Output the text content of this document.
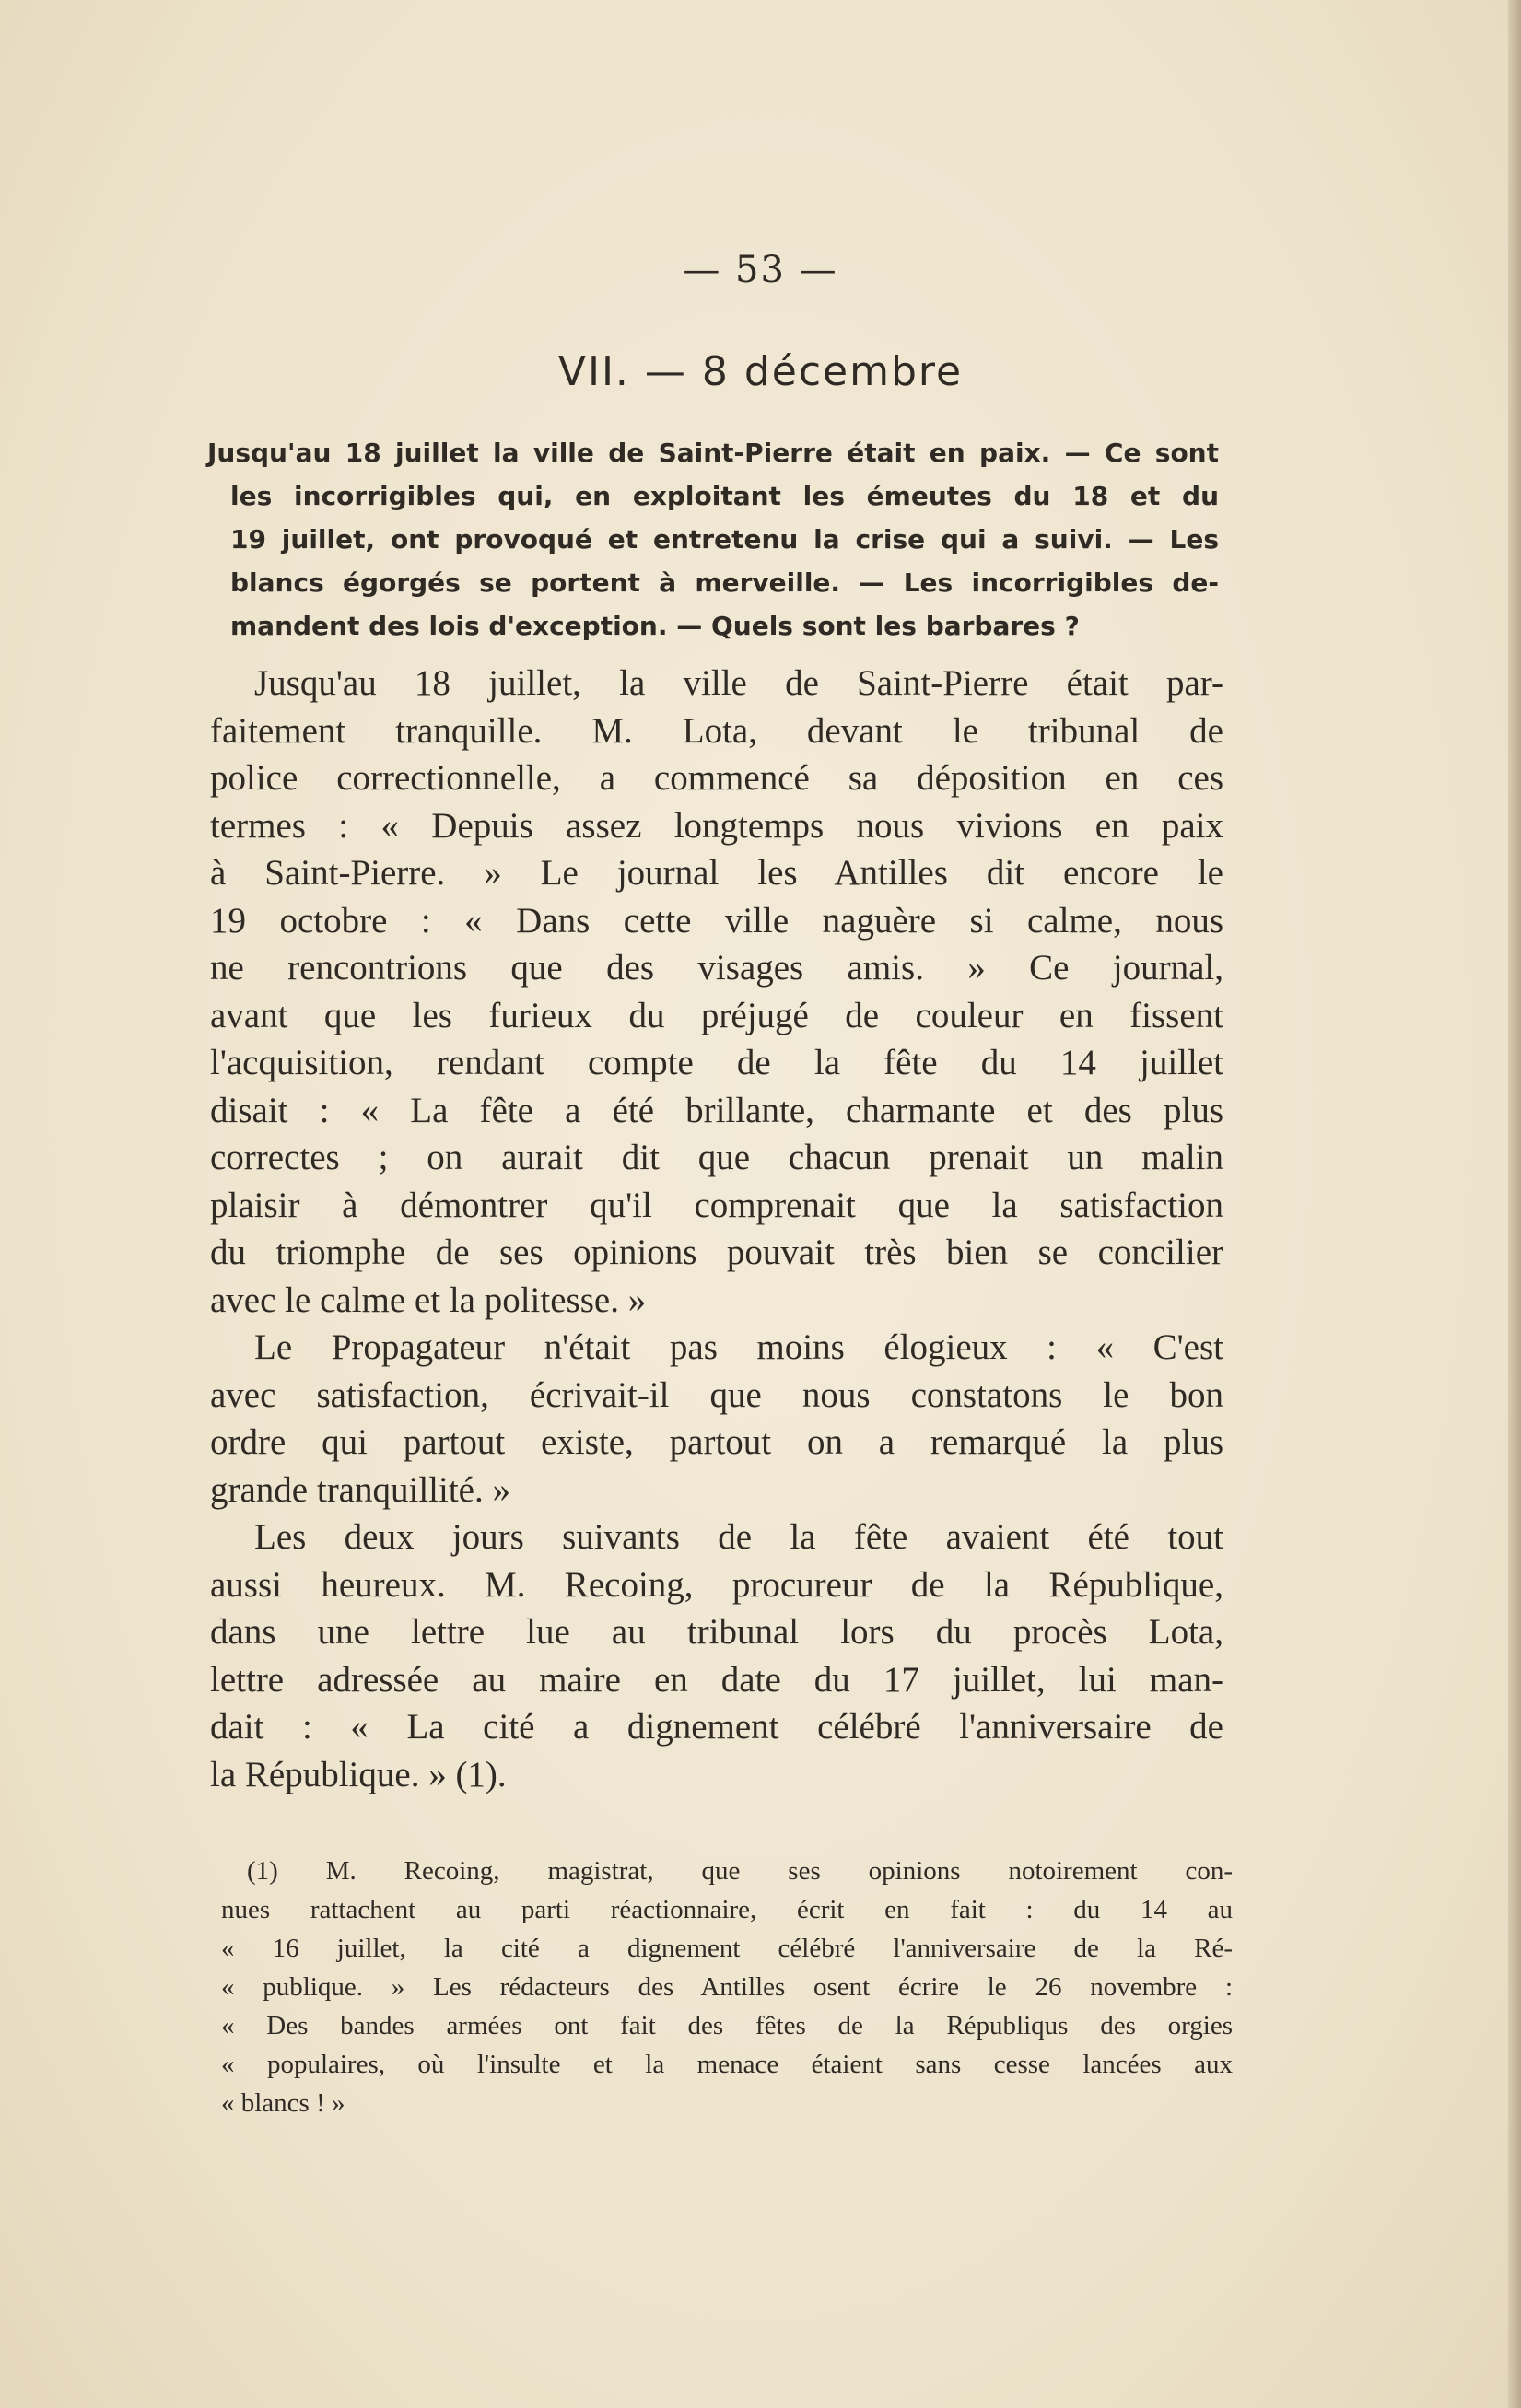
— 53 —
VII. — 8 décembre
Jusqu'au 18 juillet la ville de Saint-Pierre était en paix. — Ce sont
les incorrigibles qui, en exploitant les émeutes du 18 et du
19 juillet, ont provoqué et entretenu la crise qui a suivi. — Les
blancs égorgés se portent à merveille. — Les incorrigibles de-
mandent des lois d'exception. — Quels sont les barbares ?
Jusqu'au 18 juillet, la ville de Saint-Pierre était par-
faitement tranquille. M. Lota, devant le tribunal de
police correctionnelle, a commencé sa déposition en ces
termes : « Depuis assez longtemps nous vivions en paix
à Saint-Pierre. » Le journal les Antilles dit encore le
19 octobre : « Dans cette ville naguère si calme, nous
ne rencontrions que des visages amis. » Ce journal,
avant que les furieux du préjugé de couleur en fissent
l'acquisition, rendant compte de la fête du 14 juillet
disait : « La fête a été brillante, charmante et des plus
correctes ; on aurait dit que chacun prenait un malin
plaisir à démontrer qu'il comprenait que la satisfaction
du triomphe de ses opinions pouvait très bien se concilier
avec le calme et la politesse. »
Le Propagateur n'était pas moins élogieux : « C'est
avec satisfaction, écrivait-il que nous constatons le bon
ordre qui partout existe, partout on a remarqué la plus
grande tranquillité. »
Les deux jours suivants de la fête avaient été tout
aussi heureux. M. Recoing, procureur de la République,
dans une lettre lue au tribunal lors du procès Lota,
lettre adressée au maire en date du 17 juillet, lui man-
dait : « La cité a dignement célébré l'anniversaire de
la République. » (1).
(1) M. Recoing, magistrat, que ses opinions notoirement con-
nues rattachent au parti réactionnaire, écrit en fait : du 14 au
« 16 juillet, la cité a dignement célébré l'anniversaire de la Ré-
« publique. » Les rédacteurs des Antilles osent écrire le 26 novembre :
« Des bandes armées ont fait des fêtes de la Républiqus des orgies
« populaires, où l'insulte et la menace étaient sans cesse lancées aux
« blancs ! »
